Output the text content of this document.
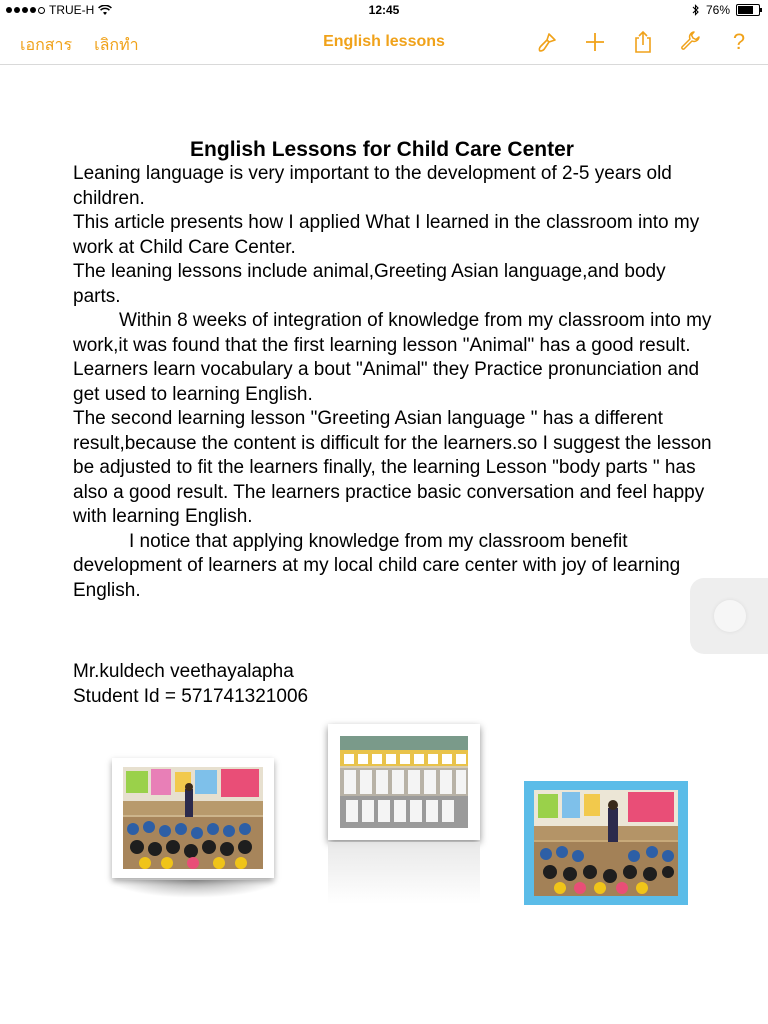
TRUE-H	12:45	76%
เอกสาร เลิกทำ	English lessons	?
English Lessons for Child Care Center

Leaning language is very important to the development of 2-5 years old children.

This article presents how I applied What I learned in the classroom into my work at Child Care Center.

The leaning lessons include animal,Greeting Asian language,and body parts.

Within 8 weeks of integration of knowledge from my classroom into my work,it was found that the first learning lesson "Animal" has a good result. Learners learn vocabulary a bout "Animal" they Practice pronunciation and get used to learning English.

The second learning lesson "Greeting Asian language " has a different result,because the content is difficult for the learners.so I suggest the lesson be adjusted to fit the learners finally, the learning Lesson "body parts " has also a good result. The learners practice basic conversation and feel happy with learning English.

I notice that applying knowledge from my classroom benefit development of learners at my local child care center with joy of learning English.

Mr.kuldech veethayalapha
Student Id = 571741321006
